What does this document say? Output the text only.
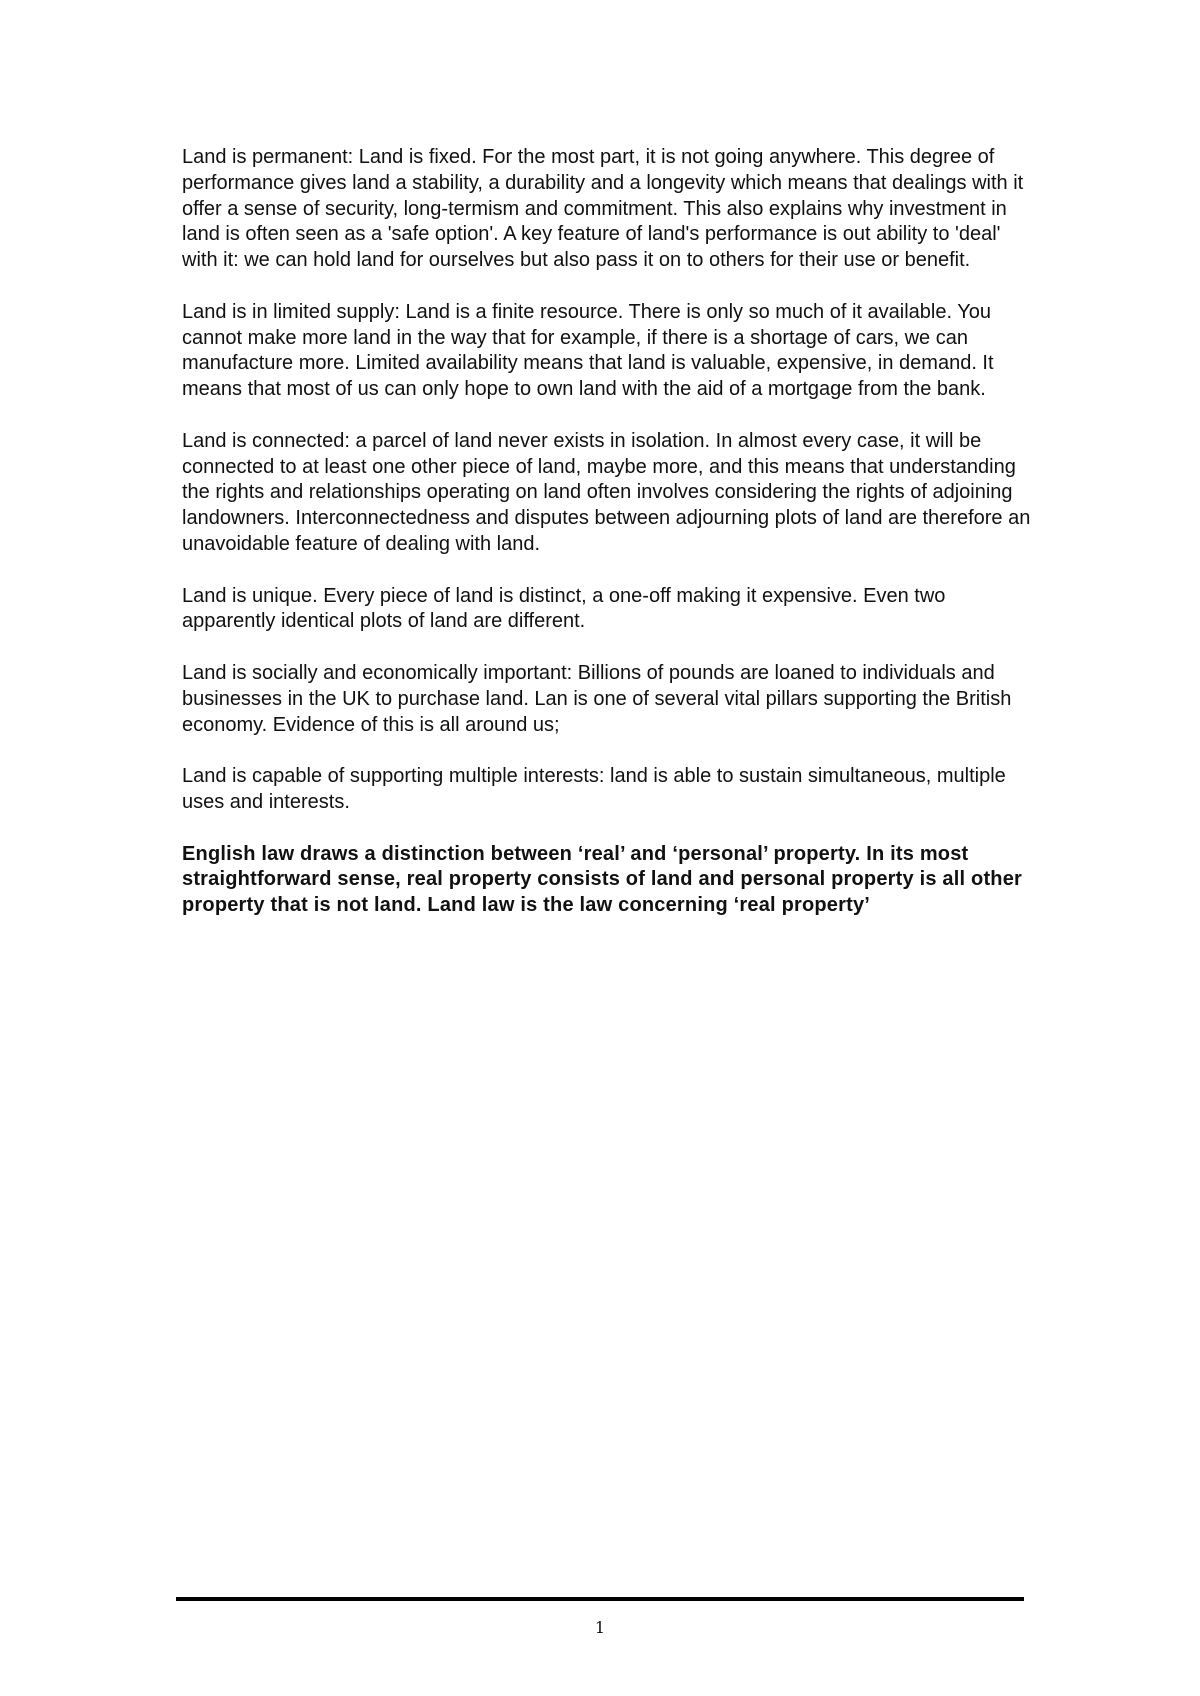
Land is permanent: Land is fixed. For the most part, it is not going anywhere. This degree of performance gives land a stability, a durability and a longevity which means that dealings with it offer a sense of security, long-termism and commitment. This also explains why investment in land is often seen as a 'safe option'. A key feature of land's performance is out ability to 'deal' with it: we can hold land for ourselves but also pass it on to others for their use or benefit.

Land is in limited supply: Land is a finite resource. There is only so much of it available. You cannot make more land in the way that for example, if there is a shortage of cars, we can manufacture more. Limited availability means that land is valuable, expensive, in demand. It means that most of us can only hope to own land with the aid of a mortgage from the bank.

Land is connected: a parcel of land never exists in isolation. In almost every case, it will be connected to at least one other piece of land, maybe more, and this means that understanding the rights and relationships operating on land often involves considering the rights of adjoining landowners. Interconnectedness and disputes between adjourning plots of land are therefore an unavoidable feature of dealing with land.

Land is unique. Every piece of land is distinct, a one-off making it expensive. Even two apparently identical plots of land are different.

Land is socially and economically important: Billions of pounds are loaned to individuals and businesses in the UK to purchase land. Lan is one of several vital pillars supporting the British economy. Evidence of this is all around us;

Land is capable of supporting multiple interests: land is able to sustain simultaneous, multiple uses and interests.

English law draws a distinction between ‘real’ and ‘personal’ property. In its most straightforward sense, real property consists of land and personal property is all other property that is not land. Land law is the law concerning ‘real property’

1
